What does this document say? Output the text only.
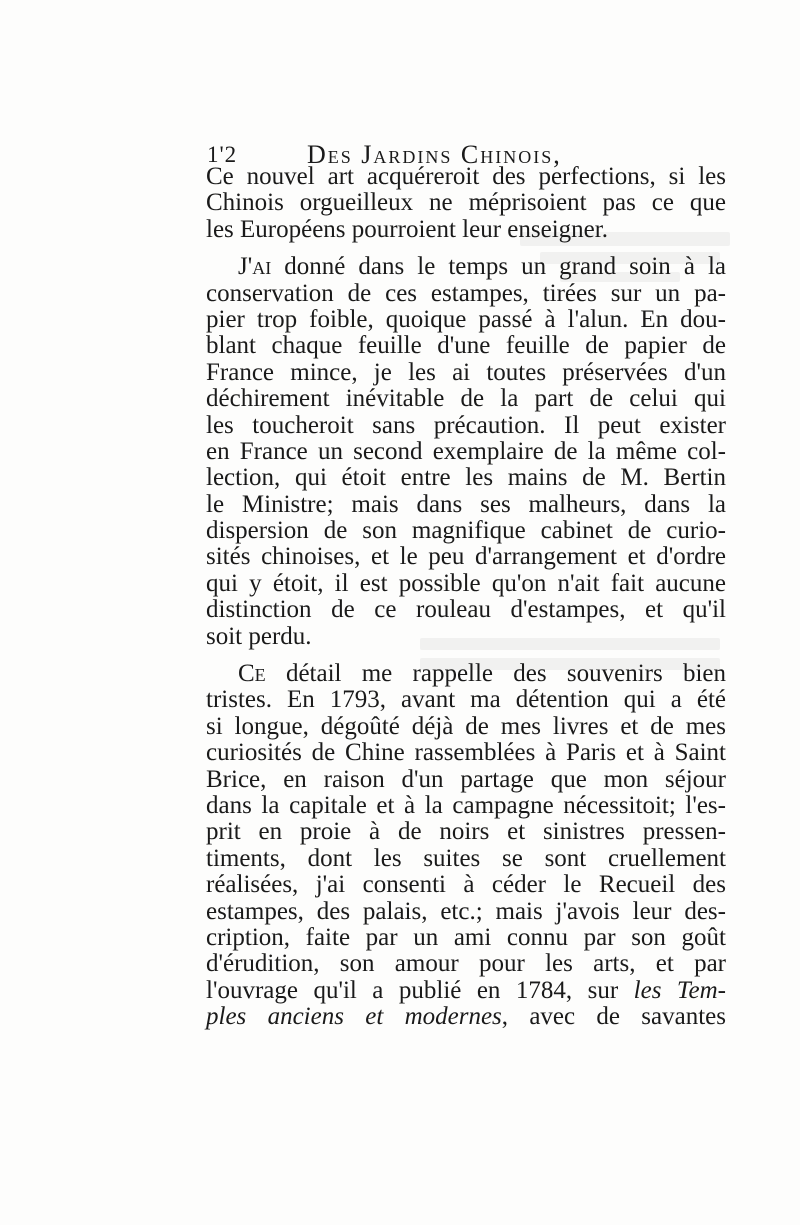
1'2	Des Jardins Chinois,
Ce nouvel art acquéreroit des perfections, si les
Chinois orgueilleux ne méprisoient pas ce que
les Européens pourroient leur enseigner.
J'ai donné dans le temps un grand soin à la
conservation de ces estampes, tirées sur un pa-
pier trop foible, quoique passé à l'alun. En dou-
blant chaque feuille d'une feuille de papier de
France mince, je les ai toutes préservées d'un
déchirement inévitable de la part de celui qui
les toucheroit sans précaution. Il peut exister
en France un second exemplaire de la même col-
lection, qui étoit entre les mains de M. Bertin
le Ministre; mais dans ses malheurs, dans la
dispersion de son magnifique cabinet de curio-
sités chinoises, et le peu d'arrangement et d'ordre
qui y étoit, il est possible qu'on n'ait fait aucune
distinction de ce rouleau d'estampes, et qu'il
soit perdu.
Ce détail me rappelle des souvenirs bien
tristes. En 1793, avant ma détention qui a été
si longue, dégoûté déjà de mes livres et de mes
curiosités de Chine rassemblées à Paris et à Saint
Brice, en raison d'un partage que mon séjour
dans la capitale et à la campagne nécessitoit; l'es-
prit en proie à de noirs et sinistres pressen-
timents, dont les suites se sont cruellement
réalisées, j'ai consenti à céder le Recueil des
estampes, des palais, etc.; mais j'avois leur des-
cription, faite par un ami connu par son goût
d'érudition, son amour pour les arts, et par
l'ouvrage qu'il a publié en 1784, sur les Tem-
ples anciens et modernes, avec de savantes
